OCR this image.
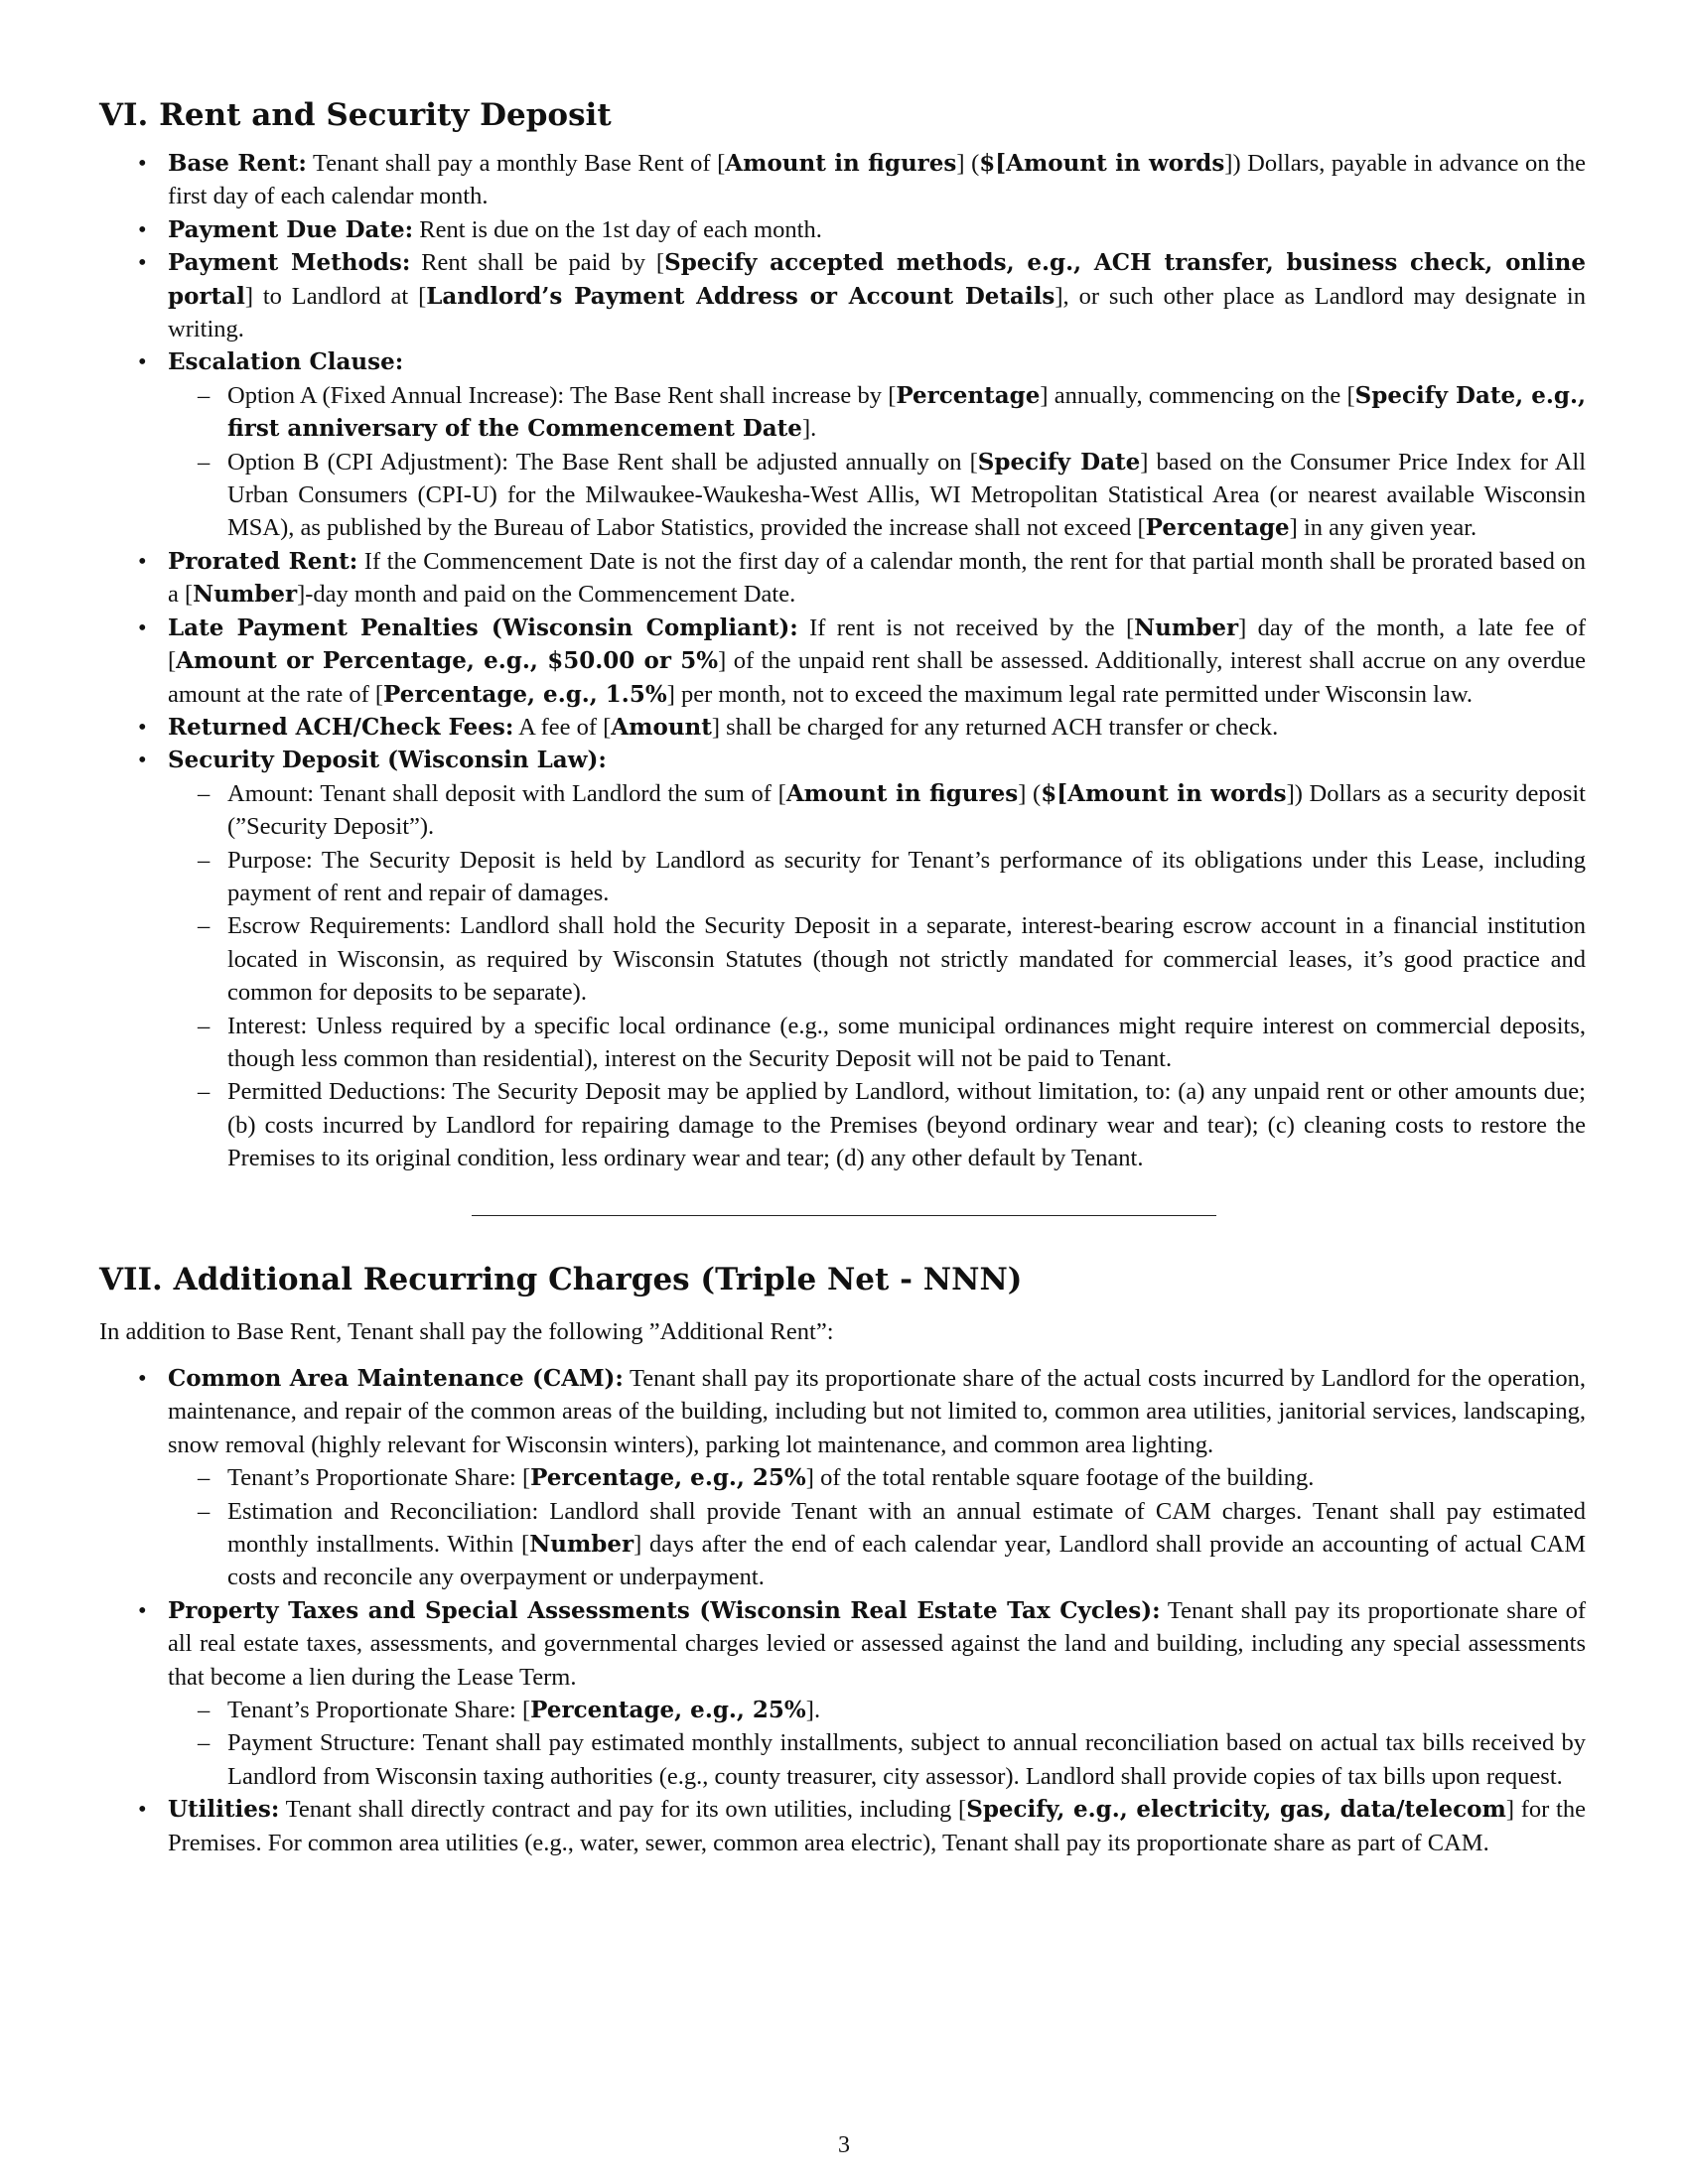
VI. Rent and Security Deposit
• Base Rent: Tenant shall pay a monthly Base Rent of [Amount in figures] ($[Amount in words]) Dollars, payable in advance on the first day of each calendar month.
• Payment Due Date: Rent is due on the 1st day of each month.
• Payment Methods: Rent shall be paid by [Specify accepted methods, e.g., ACH transfer, business check, online portal] to Landlord at [Landlord’s Payment Address or Account Details], or such other place as Landlord may designate in writing.
• Escalation Clause:
– Option A (Fixed Annual Increase): The Base Rent shall increase by [Percentage] annually, commencing on the [Specify Date, e.g., first anniversary of the Commencement Date].
– Option B (CPI Adjustment): The Base Rent shall be adjusted annually on [Specify Date] based on the Consumer Price Index for All Urban Consumers (CPI-U) for the Milwaukee-Waukesha-West Allis, WI Metropolitan Statistical Area (or nearest available Wisconsin MSA), as published by the Bureau of Labor Statistics, provided the increase shall not exceed [Percentage] in any given year.
• Prorated Rent: If the Commencement Date is not the first day of a calendar month, the rent for that partial month shall be prorated based on a [Number]-day month and paid on the Commencement Date.
• Late Payment Penalties (Wisconsin Compliant): If rent is not received by the [Number] day of the month, a late fee of [Amount or Percentage, e.g., $50.00 or 5%] of the unpaid rent shall be assessed. Additionally, interest shall accrue on any overdue amount at the rate of [Percentage, e.g., 1.5%] per month, not to exceed the maximum legal rate permitted under Wisconsin law.
• Returned ACH/Check Fees: A fee of [Amount] shall be charged for any returned ACH transfer or check.
• Security Deposit (Wisconsin Law):
– Amount: Tenant shall deposit with Landlord the sum of [Amount in figures] ($[Amount in words]) Dollars as a security deposit (”Security Deposit”).
– Purpose: The Security Deposit is held by Landlord as security for Tenant’s performance of its obligations under this Lease, including payment of rent and repair of damages.
– Escrow Requirements: Landlord shall hold the Security Deposit in a separate, interest-bearing escrow account in a financial institution located in Wisconsin, as required by Wisconsin Statutes (though not strictly mandated for commercial leases, it’s good practice and common for deposits to be separate).
– Interest: Unless required by a specific local ordinance (e.g., some municipal ordinances might require interest on commercial deposits, though less common than residential), interest on the Security Deposit will not be paid to Tenant.
– Permitted Deductions: The Security Deposit may be applied by Landlord, without limitation, to: (a) any unpaid rent or other amounts due; (b) costs incurred by Landlord for repairing damage to the Premises (beyond ordinary wear and tear); (c) cleaning costs to restore the Premises to its original condition, less ordinary wear and tear; (d) any other default by Tenant.
VII. Additional Recurring Charges (Triple Net - NNN)

In addition to Base Rent, Tenant shall pay the following ”Additional Rent”:

• Common Area Maintenance (CAM): Tenant shall pay its proportionate share of the actual costs incurred by Landlord for the operation, maintenance, and repair of the common areas of the building, including but not limited to, common area utilities, janitorial services, landscaping, snow removal (highly relevant for Wisconsin winters), parking lot maintenance, and common area lighting.
– Tenant’s Proportionate Share: [Percentage, e.g., 25%] of the total rentable square footage of the building.
– Estimation and Reconciliation: Landlord shall provide Tenant with an annual estimate of CAM charges. Tenant shall pay estimated monthly installments. Within [Number] days after the end of each calendar year, Landlord shall provide an accounting of actual CAM costs and reconcile any overpayment or underpayment.
• Property Taxes and Special Assessments (Wisconsin Real Estate Tax Cycles): Tenant shall pay its proportionate share of all real estate taxes, assessments, and governmental charges levied or assessed against the land and building, including any special assessments that become a lien during the Lease Term.
– Tenant’s Proportionate Share: [Percentage, e.g., 25%].
– Payment Structure: Tenant shall pay estimated monthly installments, subject to annual reconciliation based on actual tax bills received by Landlord from Wisconsin taxing authorities (e.g., county treasurer, city assessor). Landlord shall provide copies of tax bills upon request.
• Utilities: Tenant shall directly contract and pay for its own utilities, including [Specify, e.g., electricity, gas, data/telecom] for the Premises. For common area utilities (e.g., water, sewer, common area electric), Tenant shall pay its proportionate share as part of CAM.
3
